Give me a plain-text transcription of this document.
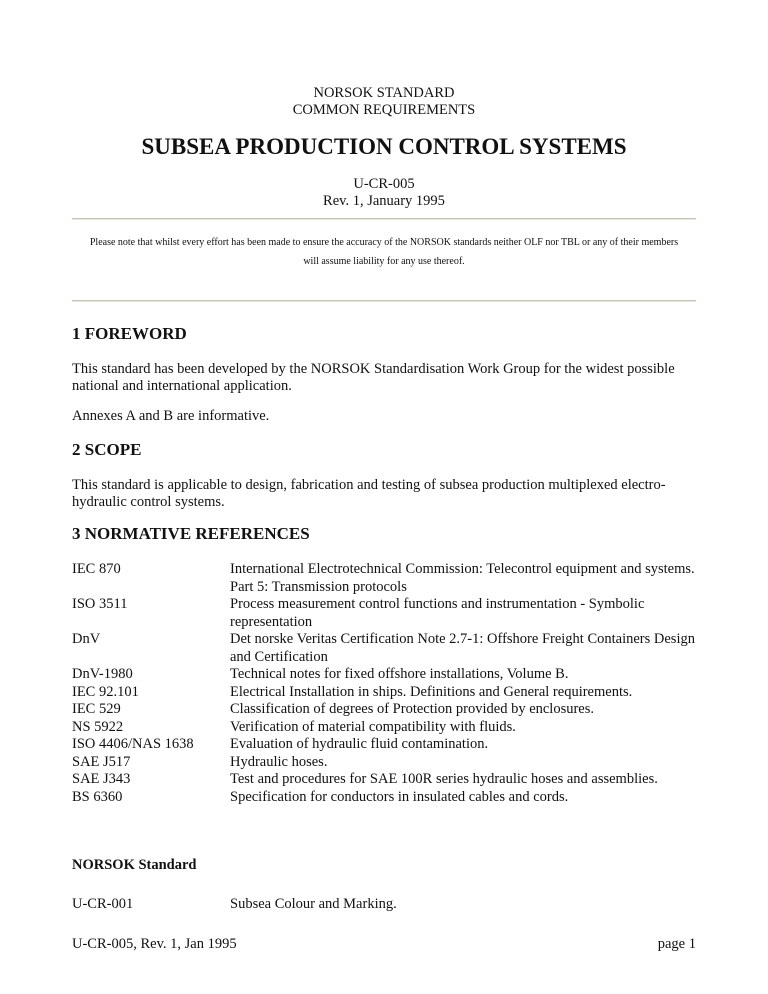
NORSOK STANDARD
COMMON REQUIREMENTS
SUBSEA PRODUCTION CONTROL SYSTEMS
U-CR-005
Rev. 1, January 1995
Please note that whilst every effort has been made to ensure the accuracy of the NORSOK standards neither OLF nor TBL or any of their members
will assume liability for any use thereof.
1 FOREWORD

This standard has been developed by the NORSOK Standardisation Work Group for the widest possible national and international application.

Annexes A and B are informative.

2 SCOPE

This standard is applicable to design, fabrication and testing of subsea production multiplexed electro-hydraulic control systems.

3 NORMATIVE REFERENCES
IEC 870	International Electrotechnical Commission: Telecontrol equipment and systems. Part 5: Transmission protocols
ISO 3511	Process measurement control functions and instrumentation - Symbolic representation
DnV	Det norske Veritas Certification Note 2.7-1: Offshore Freight Containers Design and Certification
DnV-1980	Technical notes for fixed offshore installations, Volume B.
IEC 92.101	Electrical Installation in ships. Definitions and General requirements.
IEC 529	Classification of degrees of Protection provided by enclosures.
NS 5922	Verification of material compatibility with fluids.
ISO 4406/NAS 1638	Evaluation of hydraulic fluid contamination.
SAE J517	Hydraulic hoses.
SAE J343	Test and procedures for SAE 100R series hydraulic hoses and assemblies.
BS 6360	Specification for conductors in insulated cables and cords.
NORSOK Standard
U-CR-001	Subsea Colour and Marking.
U-CR-005, Rev. 1, Jan 1995	page 1
